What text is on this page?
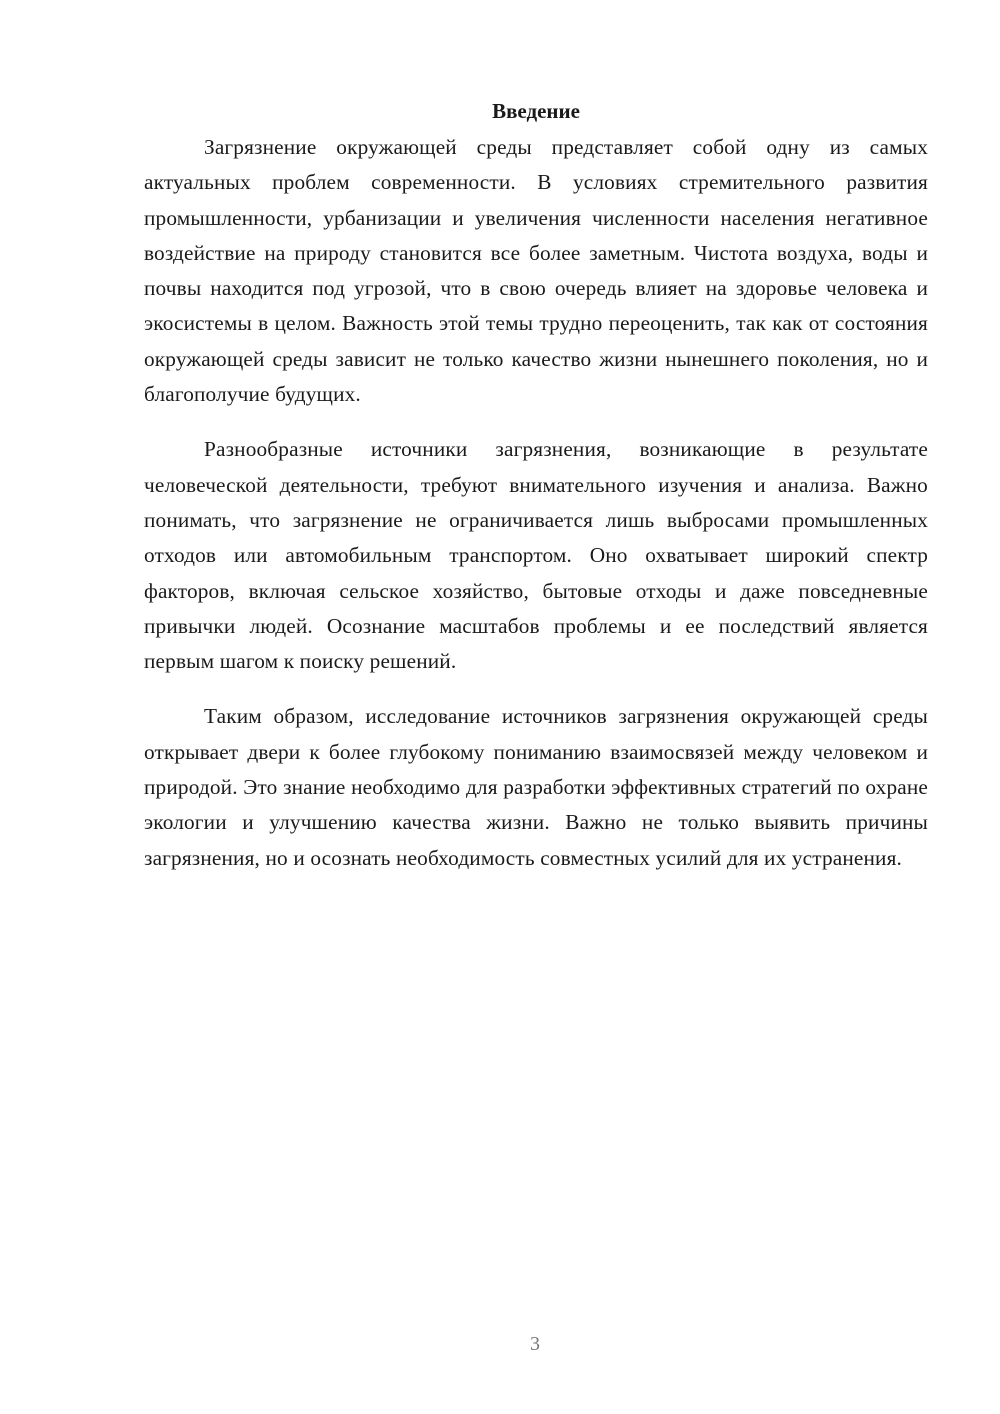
Введение

Загрязнение окружающей среды представляет собой одну из самых актуальных проблем современности. В условиях стремительного развития промышленности, урбанизации и увеличения численности населения негативное воздействие на природу становится все более заметным. Чистота воздуха, воды и почвы находится под угрозой, что в свою очередь влияет на здоровье человека и экосистемы в целом. Важность этой темы трудно переоценить, так как от состояния окружающей среды зависит не только качество жизни нынешнего поколения, но и благополучие будущих.

Разнообразные источники загрязнения, возникающие в результате человеческой деятельности, требуют внимательного изучения и анализа. Важно понимать, что загрязнение не ограничивается лишь выбросами промышленных отходов или автомобильным транспортом. Оно охватывает широкий спектр факторов, включая сельское хозяйство, бытовые отходы и даже повседневные привычки людей. Осознание масштабов проблемы и ее последствий является первым шагом к поиску решений.

Таким образом, исследование источников загрязнения окружающей среды открывает двери к более глубокому пониманию взаимосвязей между человеком и природой. Это знание необходимо для разработки эффективных стратегий по охране экологии и улучшению качества жизни. Важно не только выявить причины загрязнения, но и осознать необходимость совместных усилий для их устранения.

3
